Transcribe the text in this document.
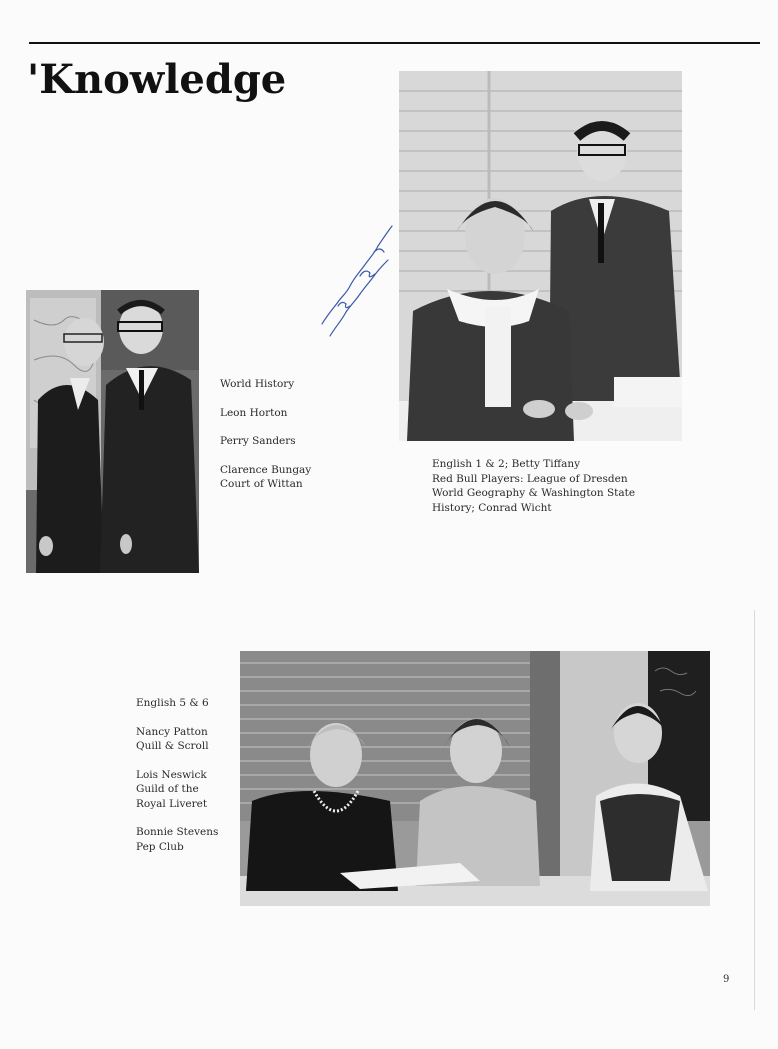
'Knowledge

World History

Leon Horton

Perry Sanders

Clarence Bungay
Court of Wittan
English 1 & 2; Betty Tiffany
Red Bull Players: League of Dresden
World Geography & Washington State
History; Conrad Wicht

English 5 & 6

Nancy Patton

Quill & Scroll

Lois Neswick
Guild of the

Royal Liveret

Bonnie Stevens
Pep Club
9
